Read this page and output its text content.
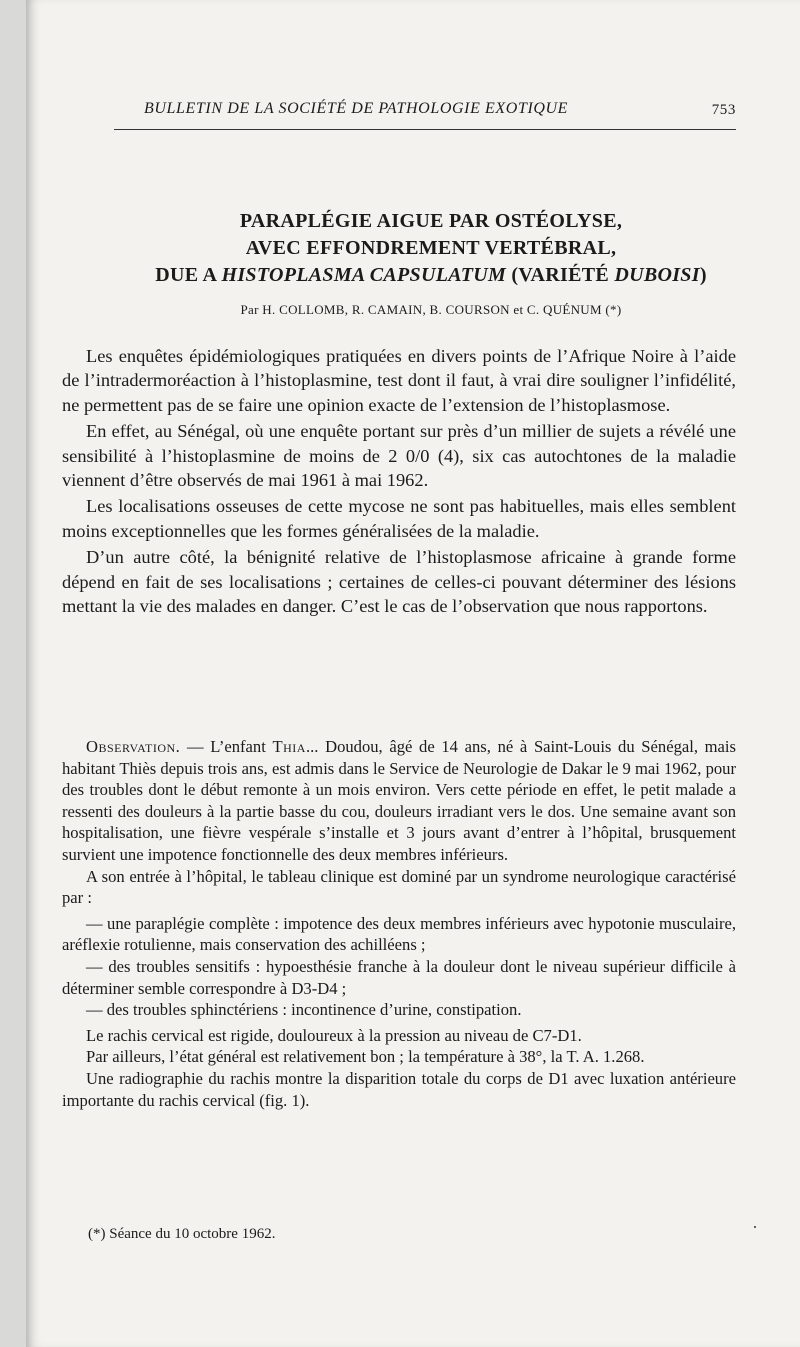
BULLETIN DE LA SOCIÉTÉ DE PATHOLOGIE EXOTIQUE	753
PARAPLÉGIE AIGUE PAR OSTÉOLYSE,
AVEC EFFONDREMENT VERTÉBRAL,
DUE A HISTOPLASMA CAPSULATUM (VARIÉTÉ DUBOISI)
Par H. COLLOMB, R. CAMAIN, B. COURSON et C. QUÉNUM (*)

Les enquêtes épidémiologiques pratiquées en divers points de l’Afrique Noire à l’aide de l’intradermoréaction à l’histoplasmine, test dont il faut, à vrai dire souligner l’infidélité, ne permettent pas de se faire une opinion exacte de l’extension de l’histoplasmose.

En effet, au Sénégal, où une enquête portant sur près d’un millier de sujets a révélé une sensibilité à l’histoplasmine de moins de 2 0/0 (4), six cas autochtones de la maladie viennent d’être observés de mai 1961 à mai 1962.

Les localisations osseuses de cette mycose ne sont pas habituelles, mais elles semblent moins exceptionnelles que les formes généralisées de la maladie.

D’un autre côté, la bénignité relative de l’histoplasmose africaine à grande forme dépend en fait de ses localisations ; certaines de celles-ci pouvant déterminer des lésions mettant la vie des malades en danger. C’est le cas de l’observation que nous rapportons.

Observation. — L’enfant Thia... Doudou, âgé de 14 ans, né à Saint-Louis du Sénégal, mais habitant Thiès depuis trois ans, est admis dans le Service de Neurologie de Dakar le 9 mai 1962, pour des troubles dont le début remonte à un mois environ. Vers cette période en effet, le petit malade a ressenti des douleurs à la partie basse du cou, douleurs irradiant vers le dos. Une semaine avant son hospitalisation, une fièvre vespérale s’installe et 3 jours avant d’entrer à l’hôpital, brusquement survient une impotence fonctionnelle des deux membres inférieurs.

A son entrée à l’hôpital, le tableau clinique est dominé par un syndrome neurologique caractérisé par :

— une paraplégie complète : impotence des deux membres inférieurs avec hypotonie musculaire, aréflexie rotulienne, mais conservation des achilléens ;

— des troubles sensitifs : hypoesthésie franche à la douleur dont le niveau supérieur difficile à déterminer semble correspondre à D3-D4 ;

— des troubles sphinctériens : incontinence d’urine, constipation.

Le rachis cervical est rigide, douloureux à la pression au niveau de C7-D1.

Par ailleurs, l’état général est relativement bon ; la température à 38°, la T. A. 1.268.

Une radiographie du rachis montre la disparition totale du corps de D1 avec luxation antérieure importante du rachis cervical (fig. 1).

(*) Séance du 10 octobre 1962.
